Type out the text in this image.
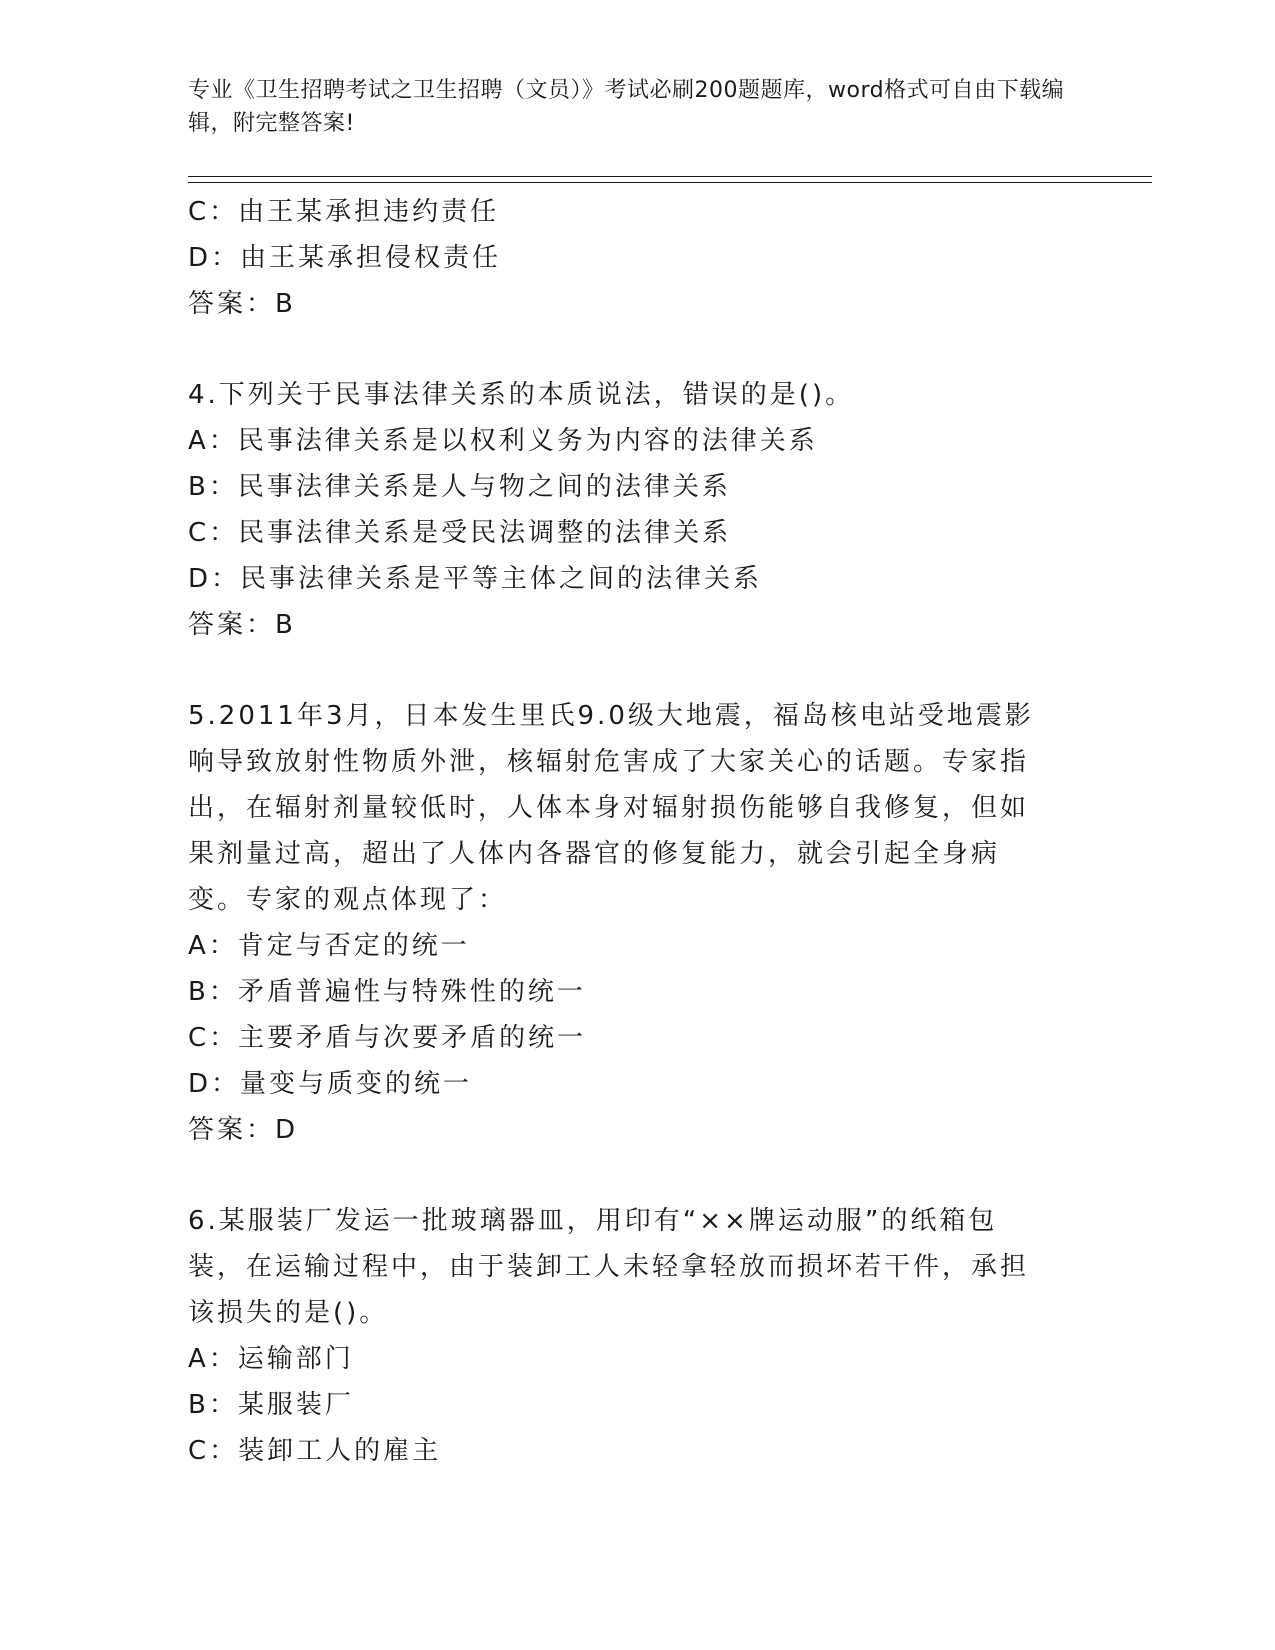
专业《卫生招聘考试之卫生招聘（文员）》考试必刷200题题库，word格式可自由下载编辑，附完整答案!
C：由王某承担违约责任
D：由王某承担侵权责任
答案：B
4.下列关于民事法律关系的本质说法，错误的是()。
A：民事法律关系是以权利义务为内容的法律关系
B：民事法律关系是人与物之间的法律关系
C：民事法律关系是受民法调整的法律关系
D：民事法律关系是平等主体之间的法律关系
答案：B
5.2011年3月，日本发生里氏9.0级大地震，福岛核电站受地震影响导致放射性物质外泄，核辐射危害成了大家关心的话题。专家指出，在辐射剂量较低时，人体本身对辐射损伤能够自我修复，但如果剂量过高，超出了人体内各器官的修复能力，就会引起全身病变。专家的观点体现了：
A：肯定与否定的统一
B：矛盾普遍性与特殊性的统一
C：主要矛盾与次要矛盾的统一
D：量变与质变的统一
答案：D
6.某服装厂发运一批玻璃器皿，用印有“××牌运动服”的纸箱包装，在运输过程中，由于装卸工人未轻拿轻放而损坏若干件，承担该损失的是()。
A：运输部门
B：某服装厂
C：装卸工人的雇主
